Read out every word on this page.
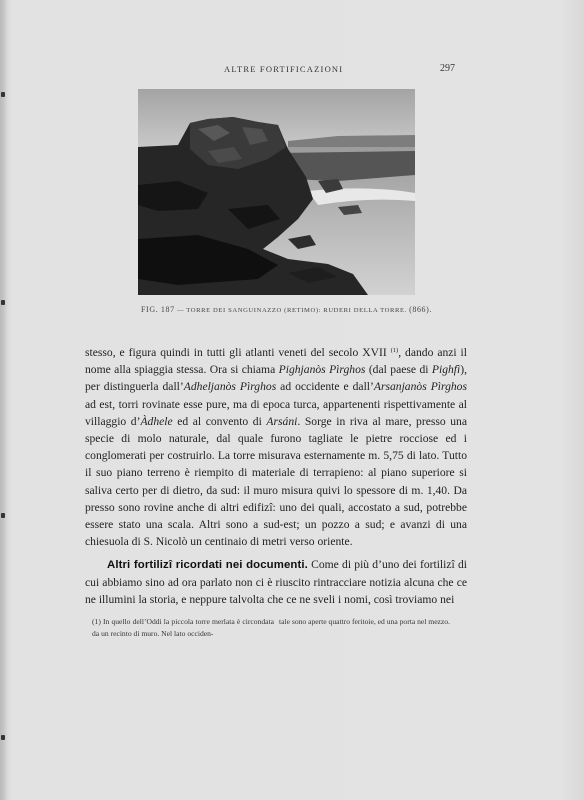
ALTRE FORTIFICAZIONI	297
FIG. 187 — TORRE DEI SANGUINAZZO (RETIMO): RUDERI DELLA TORRE. (866).

stesso, e figura quindi in tutti gli atlanti veneti del secolo XVII $^{(1)}$, dando anzi il nome alla spiaggia stessa. Ora si chiama Pighjanòs Pìrghos (dal paese di Pighfì), per distinguerla dall’Adheljanòs Pìrghos ad occidente e dall’Arsanjanòs Pìrghos ad est, torri rovinate esse pure, ma di epoca turca, appartenenti rispettivamente al villaggio d’Àdhele ed al convento di Arsáni. Sorge in riva al mare, presso una specie di molo naturale, dal quale furono tagliate le pietre rocciose ed i conglomerati per costruirlo. La torre misurava esternamente m. 5,75 di lato. Tutto il suo piano terreno è riempito di materiale di terrapieno: al piano superiore si saliva certo per di dietro, da sud: il muro misura quivi lo spessore di m. 1,40. Da presso sono rovine anche di altri edifizî: uno dei quali, accostato a sud, potrebbe essere stato una scala. Altri sono a sud-est; un pozzo a sud; e avanzi di una chiesuola di S. Nicolò un centinaio di metri verso oriente.

Altri fortilizî ricordati nei documenti. Come di più d’uno dei fortilizî di cui abbiamo sino ad ora parlato non ci è riuscito rintracciare notizia alcuna che ce ne illumini la storia, e neppure talvolta che ce ne sveli i nomi, così troviamo nei

(1) In quello dell’Oddi la piccola torre merlata è circondata da un recinto di muro. Nel lato occiden-
tale sono aperte quattro feritoie, ed una porta nel mezzo.
